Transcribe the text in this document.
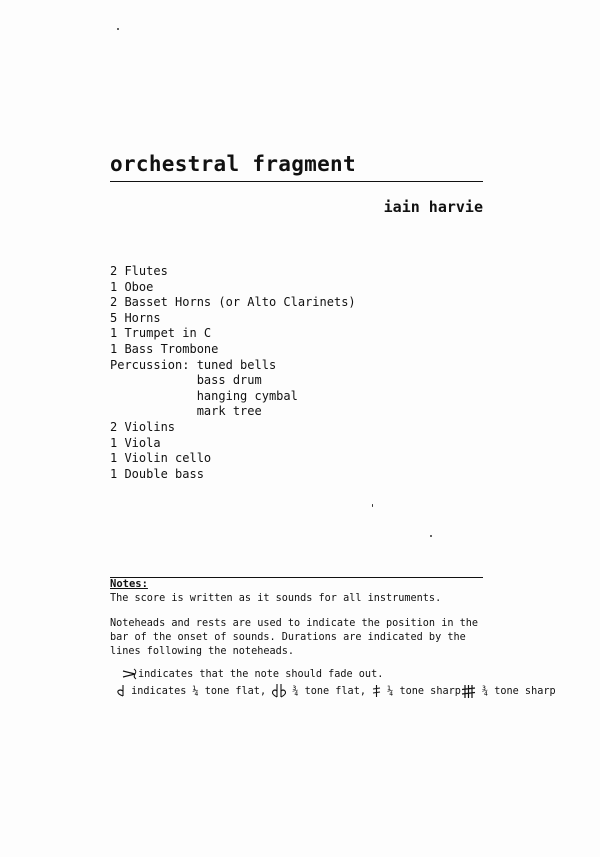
orchestral fragment
iain harvie
2 Flutes
1 Oboe
2 Basset Horns (or Alto Clarinets)
5 Horns
1 Trumpet in C
1 Bass Trombone
Percussion: tuned bells
bass drum
hanging cymbal
mark tree
2 Violins
1 Viola
1 Violin cello
1 Double bass
Notes:

The score is written as it sounds for all instruments.

Noteheads and rests are used to indicate the position in the bar of the onset of sounds. Durations are indicated by the lines following the noteheads.

indicates that the note should fade out.
indicates ¼ tone flat,	¾ tone flat, ¼ tone sharp ¾ tone sharp
